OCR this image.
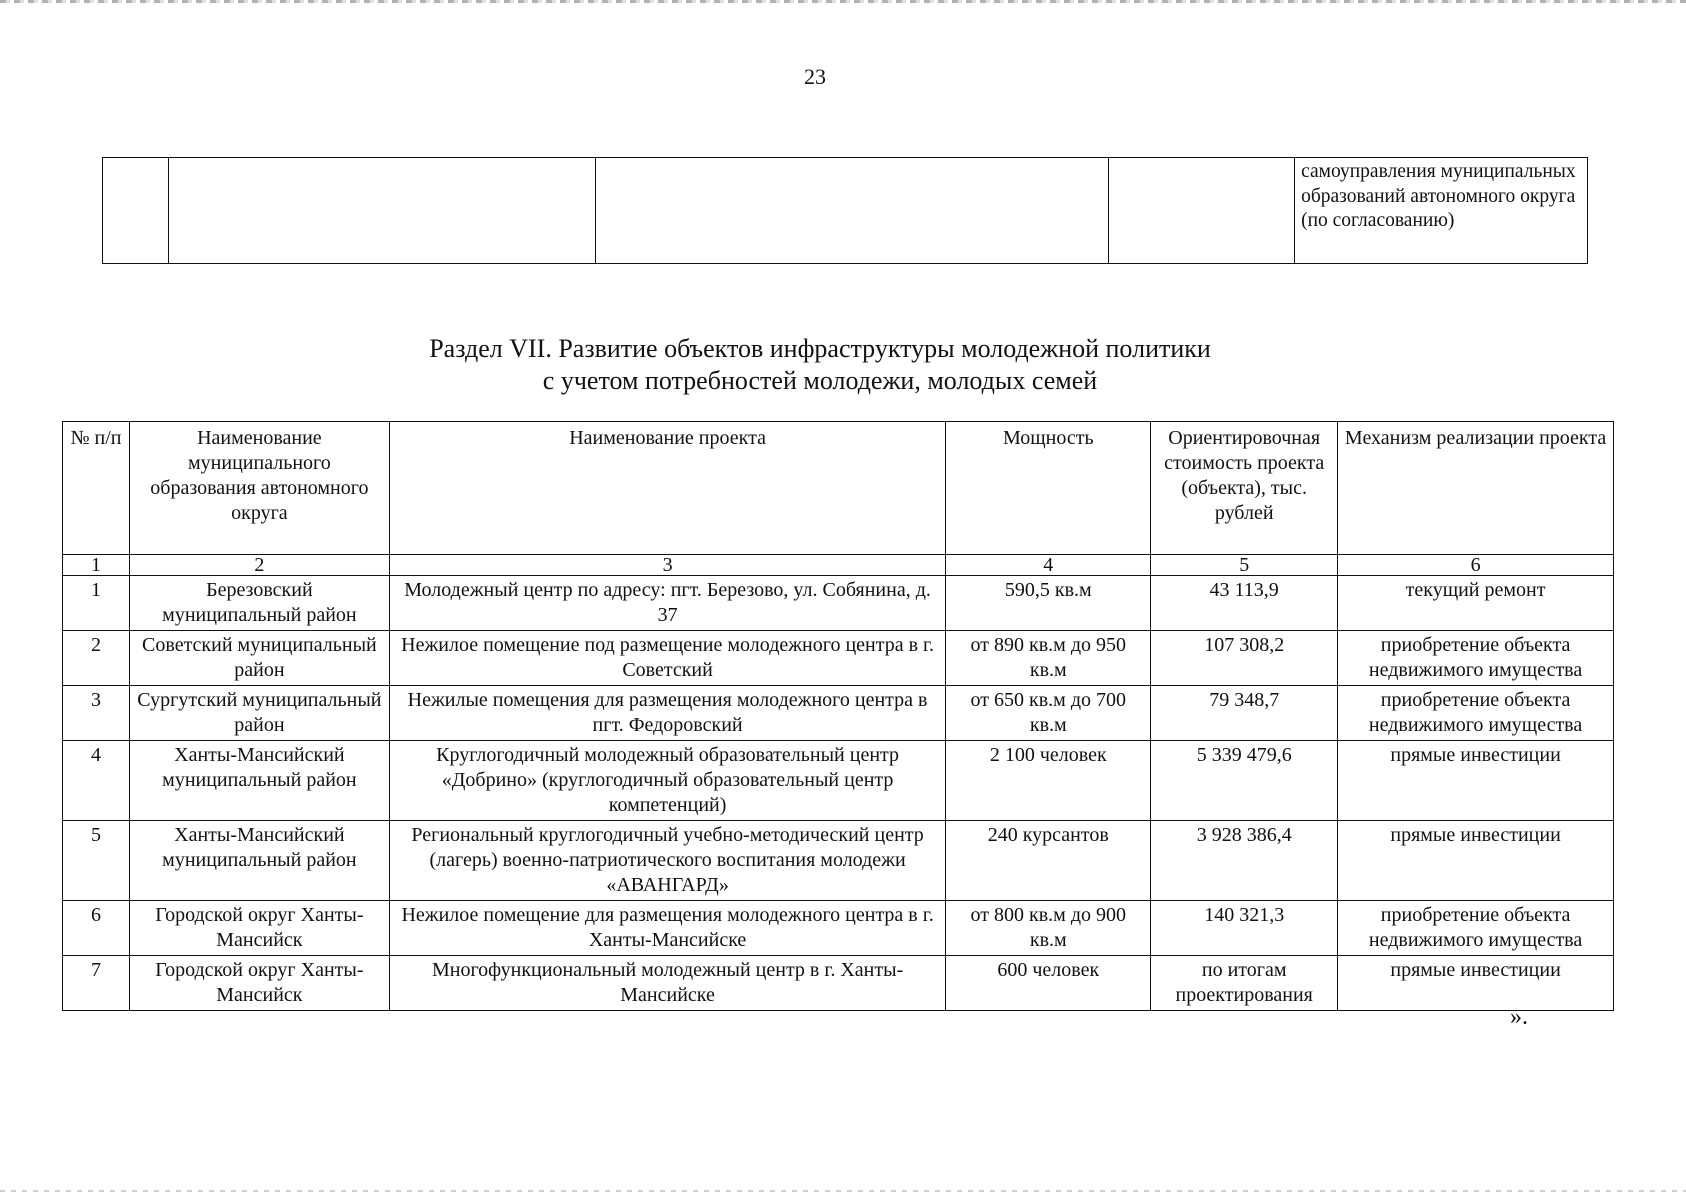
23
				самоуправления муниципальных образований автономного округа (по согласованию)
Раздел VII. Развитие объектов инфраструктуры молодежной политики
с учетом потребностей молодежи, молодых семей
№ п/п	Наименование муниципального образования автономного округа	Наименование проекта	Мощность	Ориентировочная стоимость проекта (объекта), тыс. рублей	Механизм реализации проекта
1	2	3	4	5	6
1	Березовский муниципальный район	Молодежный центр по адресу: пгт. Березово, ул. Собянина, д. 37	590,5 кв.м	43 113,9	текущий ремонт
2	Советский муниципальный район	Нежилое помещение под размещение молодежного центра в г. Советский	от 890 кв.м до 950 кв.м	107 308,2	приобретение объекта недвижимого имущества
3	Сургутский муниципальный район	Нежилые помещения для размещения молодежного центра в пгт. Федоровский	от 650 кв.м до 700 кв.м	79 348,7	приобретение объекта недвижимого имущества
4	Ханты-Мансийский муниципальный район	Круглогодичный молодежный образовательный центр «Добрино» (круглогодичный образовательный центр компетенций)	2 100 человек	5 339 479,6	прямые инвестиции
5	Ханты-Мансийский муниципальный район	Региональный круглогодичный учебно-методический центр (лагерь) военно-патриотического воспитания молодежи «АВАНГАРД»	240 курсантов	3 928 386,4	прямые инвестиции
6	Городской округ Ханты-Мансийск	Нежилое помещение для размещения молодежного центра в г. Ханты-Мансийске	от 800 кв.м до 900 кв.м	140 321,3	приобретение объекта недвижимого имущества
7	Городской округ Ханты-Мансийск	Многофункциональный молодежный центр в г. Ханты-Мансийске	600 человек	по итогам проектирования	прямые инвестиции
».
